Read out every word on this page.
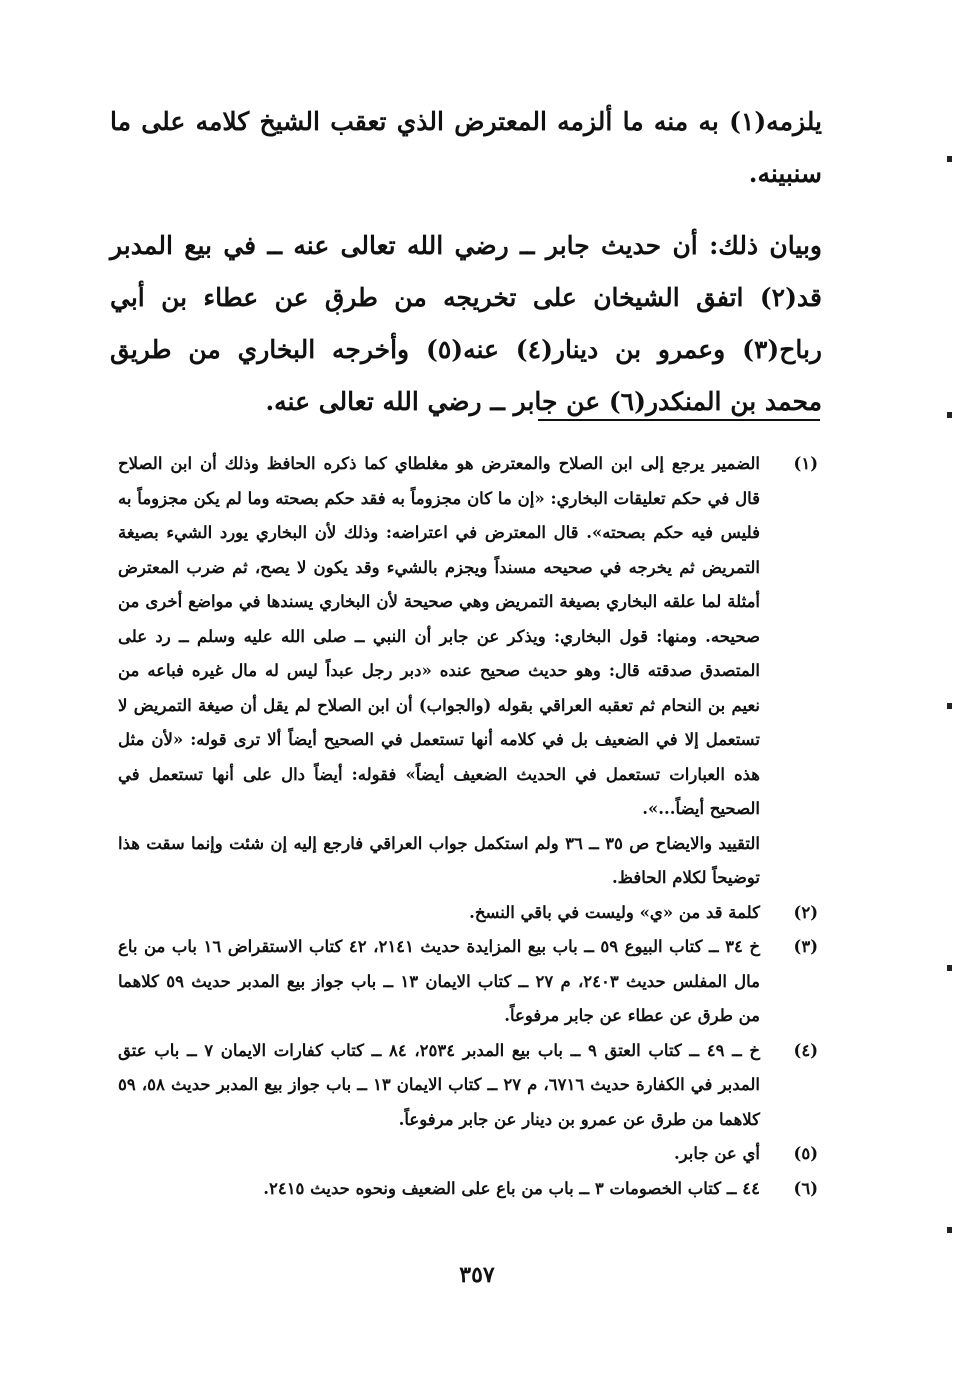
يلزمه(١) به منه ما ألزمه المعترض الذي تعقب الشيخ كلامه على ما سنبينه.

وبيان ذلك: أن حديث جابر ــ رضي الله تعالى عنه ــ في بيع المدبر قد(٢) اتفق الشيخان على تخريجه من طرق عن عطاء بن أبي رباح(٣) وعمرو بن دينار(٤) عنه(٥) وأخرجه البخاري من طريق محمد بن المنكدر(٦) عن جابر ــ رضي الله تعالى عنه.

(١)
الضمير يرجع إلى ابن الصلاح والمعترض هو مغلطاي كما ذكره الحافظ وذلك أن ابن الصلاح قال في حكم تعليقات البخاري: «إن ما كان مجزوماً به فقد حكم بصحته وما لم يكن مجزوماً به فليس فيه حكم بصحته». قال المعترض في اعتراضه: وذلك لأن البخاري يورد الشيء بصيغة التمريض ثم يخرجه في صحيحه مسنداً ويجزم بالشيء وقد يكون لا يصح، ثم ضرب المعترض أمثلة لما علقه البخاري بصيغة التمريض وهي صحيحة لأن البخاري يسندها في مواضع أخرى من صحيحه. ومنها: قول البخاري: ويذكر عن جابر أن النبي ــ صلى الله عليه وسلم ــ رد على المتصدق صدقته قال: وهو حديث صحيح عنده «دبر رجل عبداً ليس له مال غيره فباعه من نعيم بن النحام ثم تعقبه العراقي بقوله (والجواب) أن ابن الصلاح لم يقل أن صيغة التمريض لا تستعمل إلا في الضعيف بل في كلامه أنها تستعمل في الصحيح أيضاً ألا ترى قوله: «لأن مثل هذه العبارات تستعمل في الحديث الضعيف أيضاً» فقوله: أيضاً دال على أنها تستعمل في الصحيح أيضاً...».
التقييد والايضاح ص ٣٥ ــ ٣٦ ولم استكمل جواب العراقي فارجع إليه إن شئت وإنما سقت هذا توضيحاً لكلام الحافظ.
(٢)
كلمة قد من «ي» وليست في باقي النسخ.
(٣)
خ ٣٤ ــ كتاب البيوع ٥٩ ــ باب بيع المزايدة حديث ٢١٤١، ٤٢ كتاب الاستقراض ١٦ باب من باع مال المفلس حديث ٢٤٠٣، م ٢٧ ــ كتاب الايمان ١٣ ــ باب جواز بيع المدبر حديث ٥٩ كلاهما من طرق عن عطاء عن جابر مرفوعاً.
(٤)
خ ــ ٤٩ ــ كتاب العتق ٩ ــ باب بيع المدبر ٢٥٣٤، ٨٤ ــ كتاب كفارات الايمان ٧ ــ باب عتق المدبر في الكفارة حديث ٦٧١٦، م ٢٧ ــ كتاب الايمان ١٣ ــ باب جواز بيع المدبر حديث ٥٨، ٥٩ كلاهما من طرق عن عمرو بن دينار عن جابر مرفوعاً.
(٥)
أي عن جابر.
(٦)
٤٤ ــ كتاب الخصومات ٣ ــ باب من باع على الضعيف ونحوه حديث ٢٤١٥.
٣٥٧
